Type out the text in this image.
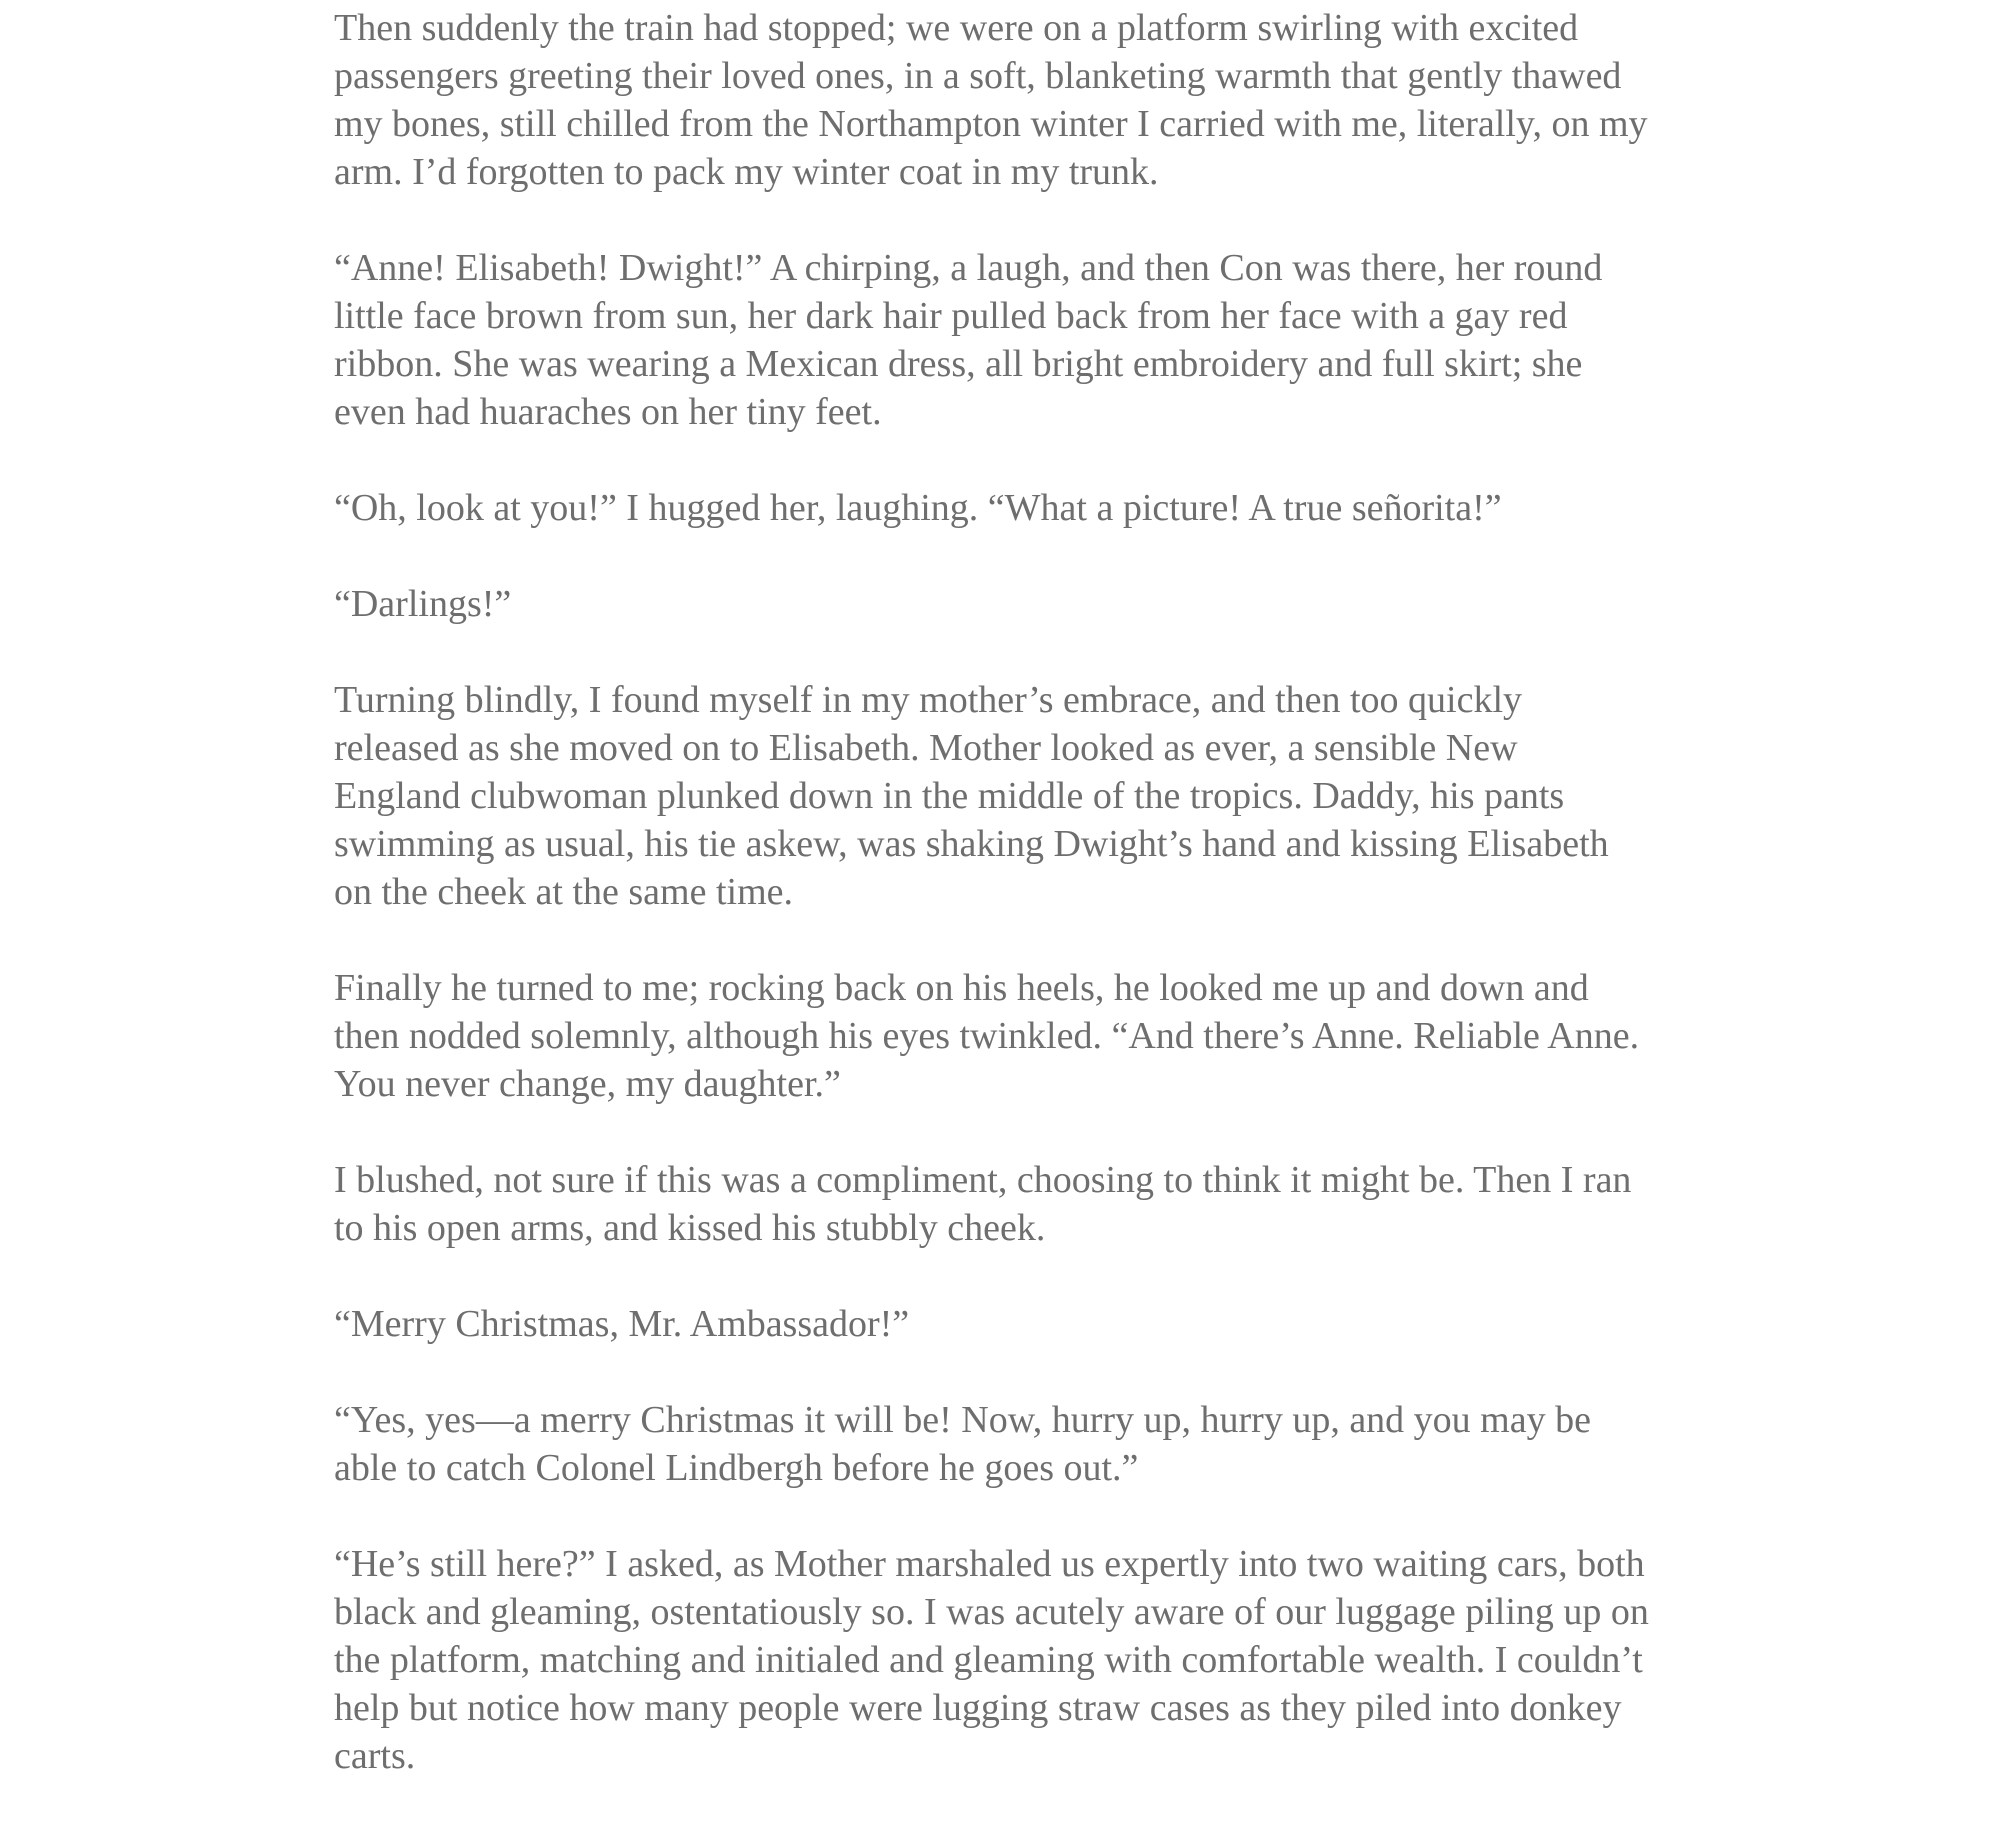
Then suddenly the train had stopped; we were on a platform swirling with excited
passengers greeting their loved ones, in a soft, blanketing warmth that gently thawed
my bones, still chilled from the Northampton winter I carried with me, literally, on my
arm. I’d forgotten to pack my winter coat in my trunk.

“Anne! Elisabeth! Dwight!” A chirping, a laugh, and then Con was there, her round
little face brown from sun, her dark hair pulled back from her face with a gay red
ribbon. She was wearing a Mexican dress, all bright embroidery and full skirt; she
even had huaraches on her tiny feet.

“Oh, look at you!” I hugged her, laughing. “What a picture! A true señorita!”

“Darlings!”

Turning blindly, I found myself in my mother’s embrace, and then too quickly
released as she moved on to Elisabeth. Mother looked as ever, a sensible New
England clubwoman plunked down in the middle of the tropics. Daddy, his pants
swimming as usual, his tie askew, was shaking Dwight’s hand and kissing Elisabeth
on the cheek at the same time.

Finally he turned to me; rocking back on his heels, he looked me up and down and
then nodded solemnly, although his eyes twinkled. “And there’s Anne. Reliable Anne.
You never change, my daughter.”

I blushed, not sure if this was a compliment, choosing to think it might be. Then I ran
to his open arms, and kissed his stubbly cheek.

“Merry Christmas, Mr. Ambassador!”

“Yes, yes—a merry Christmas it will be! Now, hurry up, hurry up, and you may be
able to catch Colonel Lindbergh before he goes out.”

“He’s still here?” I asked, as Mother marshaled us expertly into two waiting cars, both
black and gleaming, ostentatiously so. I was acutely aware of our luggage piling up on
the platform, matching and initialed and gleaming with comfortable wealth. I couldn’t
help but notice how many people were lugging straw cases as they piled into donkey
carts.
